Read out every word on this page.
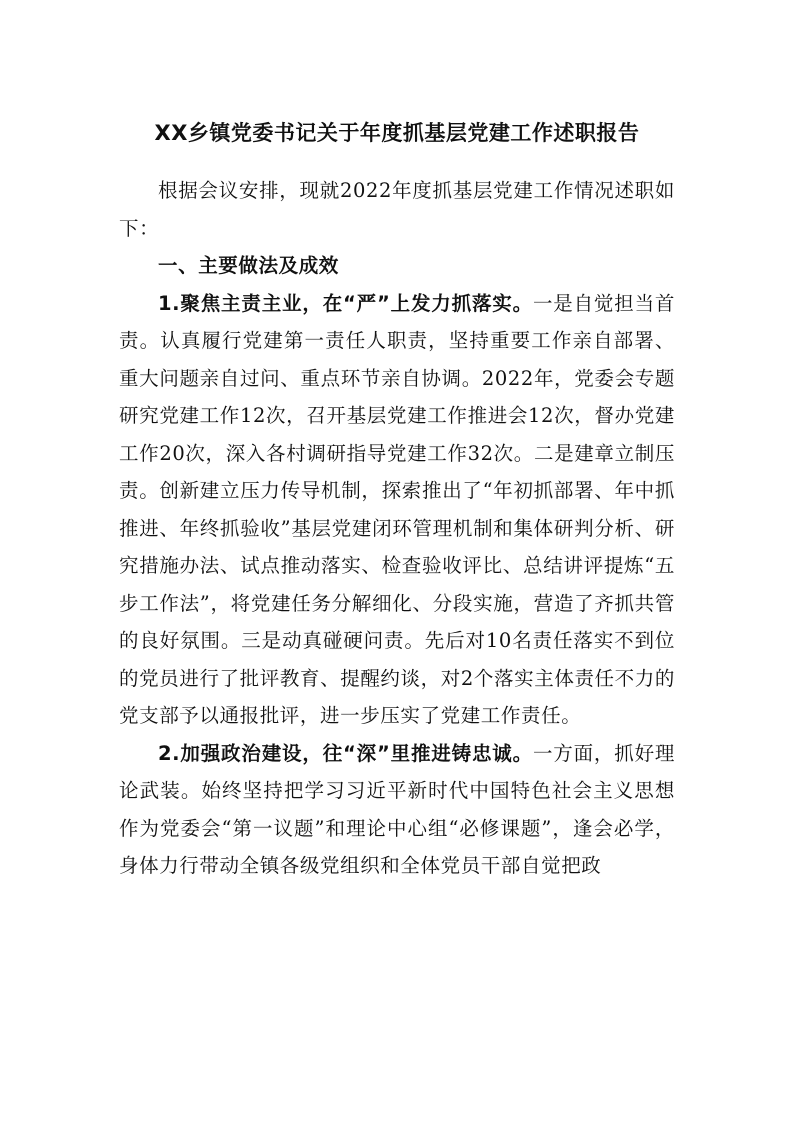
XX乡镇党委书记关于年度抓基层党建工作述职报告

根据会议安排，现就2022年度抓基层党建工作情况述职如下：

一、主要做法及成效

1.聚焦主责主业，在“严”上发力抓落实。一是自觉担当首责。认真履行党建第一责任人职责，坚持重要工作亲自部署、重大问题亲自过问、重点环节亲自协调。2022年，党委会专题研究党建工作12次，召开基层党建工作推进会12次，督办党建工作20次，深入各村调研指导党建工作32次。二是建章立制压责。创新建立压力传导机制，探索推出了“年初抓部署、年中抓推进、年终抓验收”基层党建闭环管理机制和集体研判分析、研究措施办法、试点推动落实、检查验收评比、总结讲评提炼“五步工作法”，将党建任务分解细化、分段实施，营造了齐抓共管的良好氛围。三是动真碰硬问责。先后对10名责任落实不到位的党员进行了批评教育、提醒约谈，对2个落实主体责任不力的党支部予以通报批评，进一步压实了党建工作责任。

2.加强政治建设，往“深”里推进铸忠诚。一方面，抓好理论武装。始终坚持把学习习近平新时代中国特色社会主义思想作为党委会“第一议题”和理论中心组“必修课题”，逢会必学，身体力行带动全镇各级党组织和全体党员干部自觉把政
